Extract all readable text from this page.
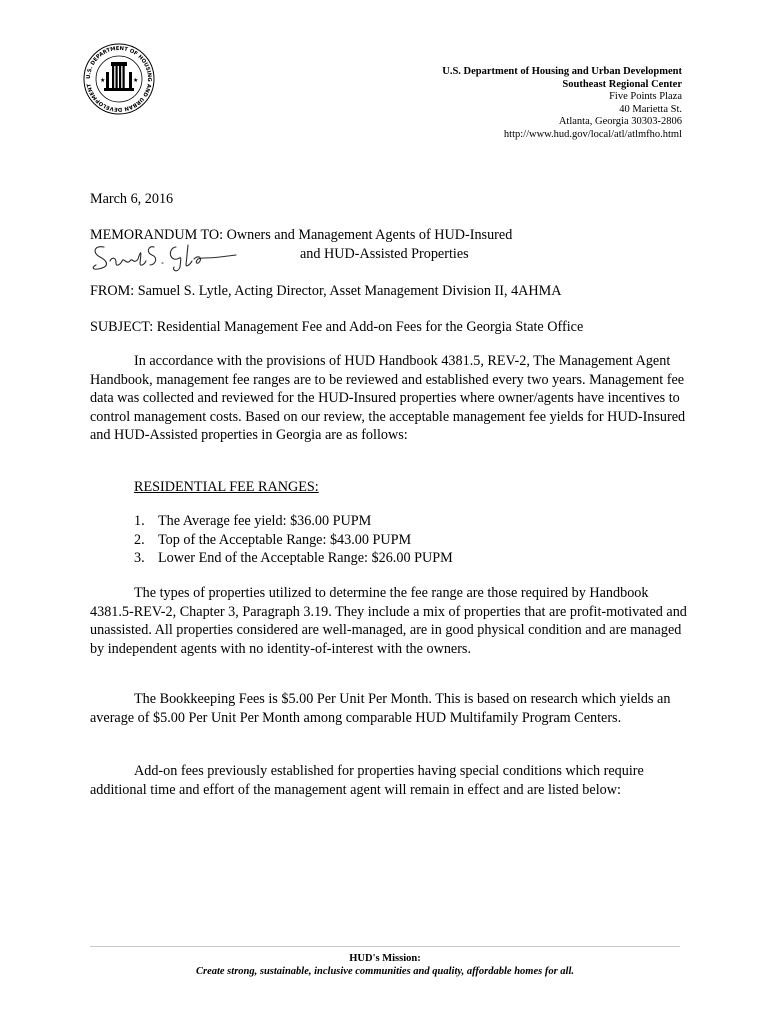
U.S. DEPARTMENT OF HOUSING AND URBAN DEVELOPMENT
★	★
U.S. Department of Housing and Urban Development
Southeast Regional Center
Five Points Plaza
40 Marietta St.
Atlanta, Georgia 30303-2806
http://www.hud.gov/local/atl/atlmfho.html
March 6, 2016
MEMORANDUM TO: Owners and Management Agents of HUD-Insured
and HUD-Assisted Properties
FROM: Samuel S. Lytle, Acting Director, Asset Management Division II, 4AHMA
SUBJECT: Residential Management Fee and Add-on Fees for the Georgia State Office
In accordance with the provisions of HUD Handbook 4381.5, REV-2, The Management Agent Handbook, management fee ranges are to be reviewed and established every two years. Management fee data was collected and reviewed for the HUD-Insured properties where owner/agents have incentives to control management costs. Based on our review, the acceptable management fee yields for HUD-Insured and HUD-Assisted properties in Georgia are as follows:
RESIDENTIAL FEE RANGES:
1. The Average fee yield: $36.00 PUPM
2. Top of the Acceptable Range: $43.00 PUPM
3. Lower End of the Acceptable Range: $26.00 PUPM
The types of properties utilized to determine the fee range are those required by Handbook 4381.5-REV-2, Chapter 3, Paragraph 3.19. They include a mix of properties that are profit-motivated and unassisted. All properties considered are well-managed, are in good physical condition and are managed by independent agents with no identity-of-interest with the owners.
The Bookkeeping Fees is $5.00 Per Unit Per Month. This is based on research which yields an average of $5.00 Per Unit Per Month among comparable HUD Multifamily Program Centers.
Add-on fees previously established for properties having special conditions which require additional time and effort of the management agent will remain in effect and are listed below:
HUD's Mission:
Create strong, sustainable, inclusive communities and quality, affordable homes for all.
